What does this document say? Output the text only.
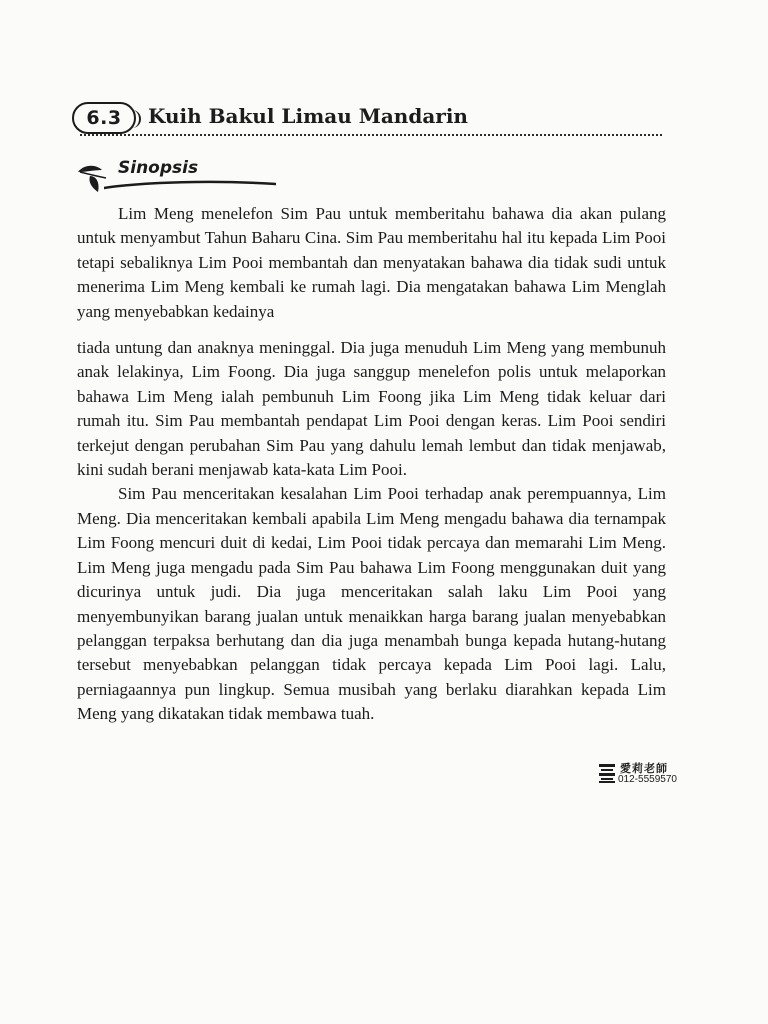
6.3	Kuih Bakul Limau Mandarin
Sinopsis

Lim Meng menelefon Sim Pau untuk memberitahu bahawa dia akan pulang untuk menyambut Tahun Baharu Cina. Sim Pau memberitahu hal itu kepada Lim Pooi tetapi sebaliknya Lim Pooi membantah dan menyatakan bahawa dia tidak sudi untuk menerima Lim Meng kembali ke rumah lagi. Dia mengatakan bahawa Lim Menglah yang menyebabkan kedainya

tiada untung dan anaknya meninggal. Dia juga menuduh Lim Meng yang membunuh anak lelakinya, Lim Foong. Dia juga sanggup menelefon polis untuk melaporkan bahawa Lim Meng ialah pembunuh Lim Foong jika Lim Meng tidak keluar dari rumah itu. Sim Pau membantah pendapat Lim Pooi dengan keras. Lim Pooi sendiri terkejut dengan perubahan Sim Pau yang dahulu lemah lembut dan tidak menjawab, kini sudah berani menjawab kata-kata Lim Pooi.

Sim Pau menceritakan kesalahan Lim Pooi terhadap anak perempuannya, Lim Meng. Dia menceritakan kembali apabila Lim Meng mengadu bahawa dia ternampak Lim Foong mencuri duit di kedai, Lim Pooi tidak percaya dan memarahi Lim Meng. Lim Meng juga mengadu pada Sim Pau bahawa Lim Foong menggunakan duit yang dicurinya untuk judi. Dia juga menceritakan salah laku Lim Pooi yang menyembunyikan barang jualan untuk menaikkan harga barang jualan menyebabkan pelanggan terpaksa berhutang dan dia juga menambah bunga kepada hutang-hutang tersebut menyebabkan pelanggan tidak percaya kepada Lim Pooi lagi. Lalu, perniagaannya pun lingkup. Semua musibah yang berlaku diarahkan kepada Lim Meng yang dikatakan tidak membawa tuah.

愛莉老師
012-5559570
